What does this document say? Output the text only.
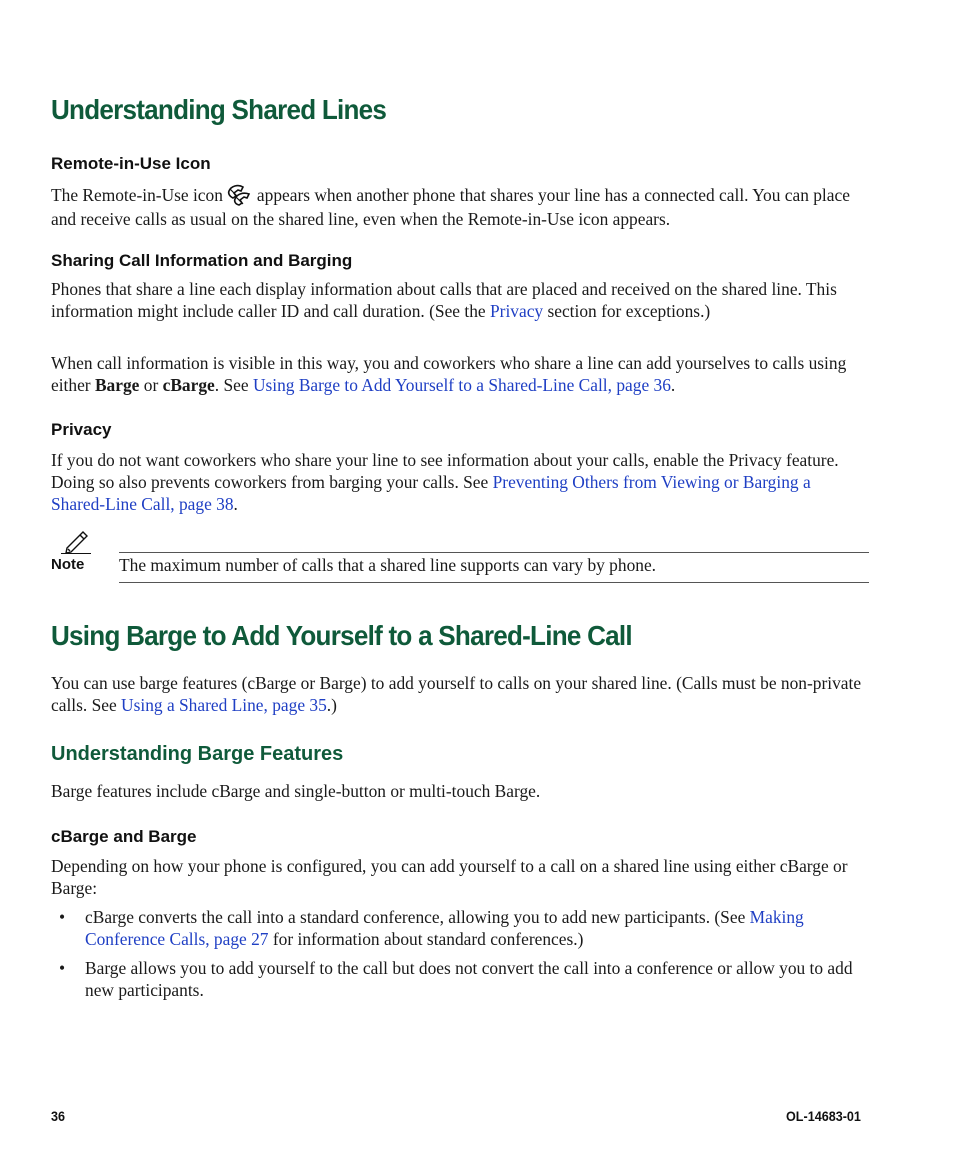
Understanding Shared Lines
Remote-in-Use Icon

The Remote-in-Use icon appears when another phone that shares your line has a connected call. You can place and receive calls as usual on the shared line, even when the Remote-in-Use icon appears.

Sharing Call Information and Barging

Phones that share a line each display information about calls that are placed and received on the shared line. This information might include caller ID and call duration. (See the Privacy section for exceptions.)

When call information is visible in this way, you and coworkers who share a line can add yourselves to calls using either Barge or cBarge. See Using Barge to Add Yourself to a Shared-Line Call, page 36.

Privacy

If you do not want coworkers who share your line to see information about your calls, enable the Privacy feature. Doing so also prevents coworkers from barging your calls. See Preventing Others from Viewing or Barging a Shared-Line Call, page 38.

Note The maximum number of calls that a shared line supports can vary by phone.
Using Barge to Add Yourself to a Shared-Line Call

You can use barge features (cBarge or Barge) to add yourself to calls on your shared line. (Calls must be non-private calls. See Using a Shared Line, page 35.)

Understanding Barge Features

Barge features include cBarge and single-button or multi-touch Barge.

cBarge and Barge

Depending on how your phone is configured, you can add yourself to a call on a shared line using either cBarge or Barge:

• cBarge converts the call into a standard conference, allowing you to add new participants. (See Making Conference Calls, page 27 for information about standard conferences.)
• Barge allows you to add yourself to the call but does not convert the call into a conference or allow you to add new participants.
36	OL-14683-01
